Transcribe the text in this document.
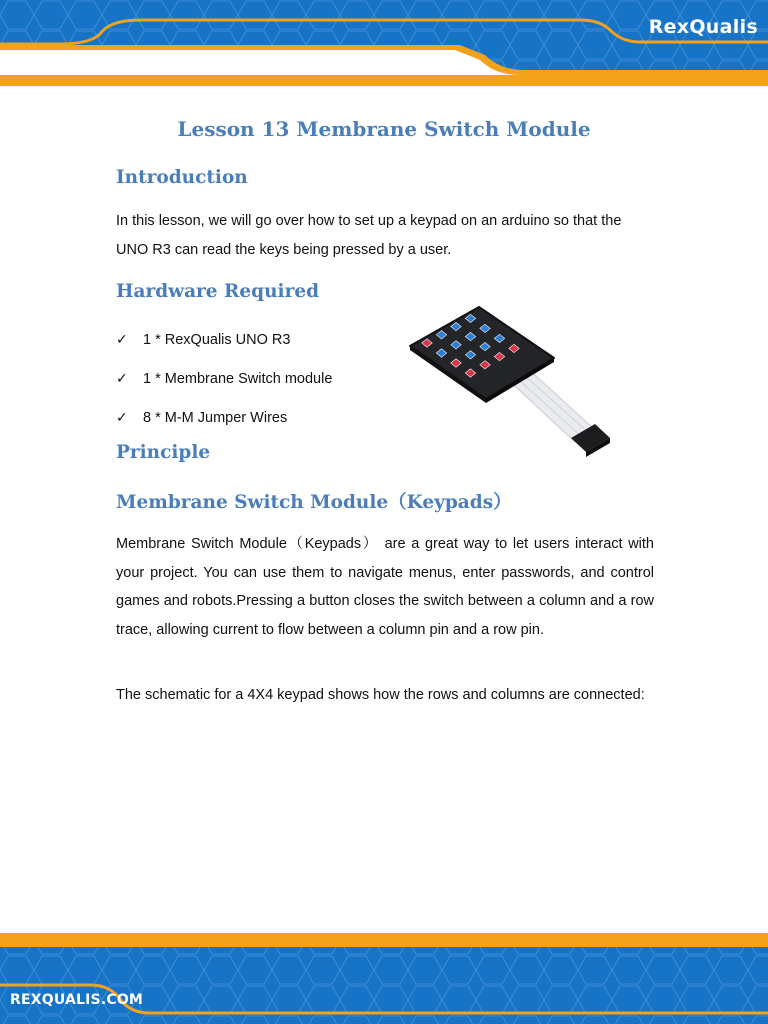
RexQualis
Lesson 13 Membrane Switch Module
Introduction
In this lesson, we will go over how to set up a keypad on an arduino so that the
UNO R3 can read the keys being pressed by a user.
Hardware Required
✓	1 * RexQualis UNO R3
✓	1 * Membrane Switch module
✓	8 * M-M Jumper Wires
Principle
Membrane Switch Module（Keypads）
Membrane Switch Module（Keypads） are a great way to let users interact with your project. You can use them to navigate menus, enter passwords, and control games and robots.Pressing a button closes the switch between a column and a row trace, allowing current to flow between a column pin and a row pin.
The schematic for a 4X4 keypad shows how the rows and columns are connected:
REXQUALIS.COM
